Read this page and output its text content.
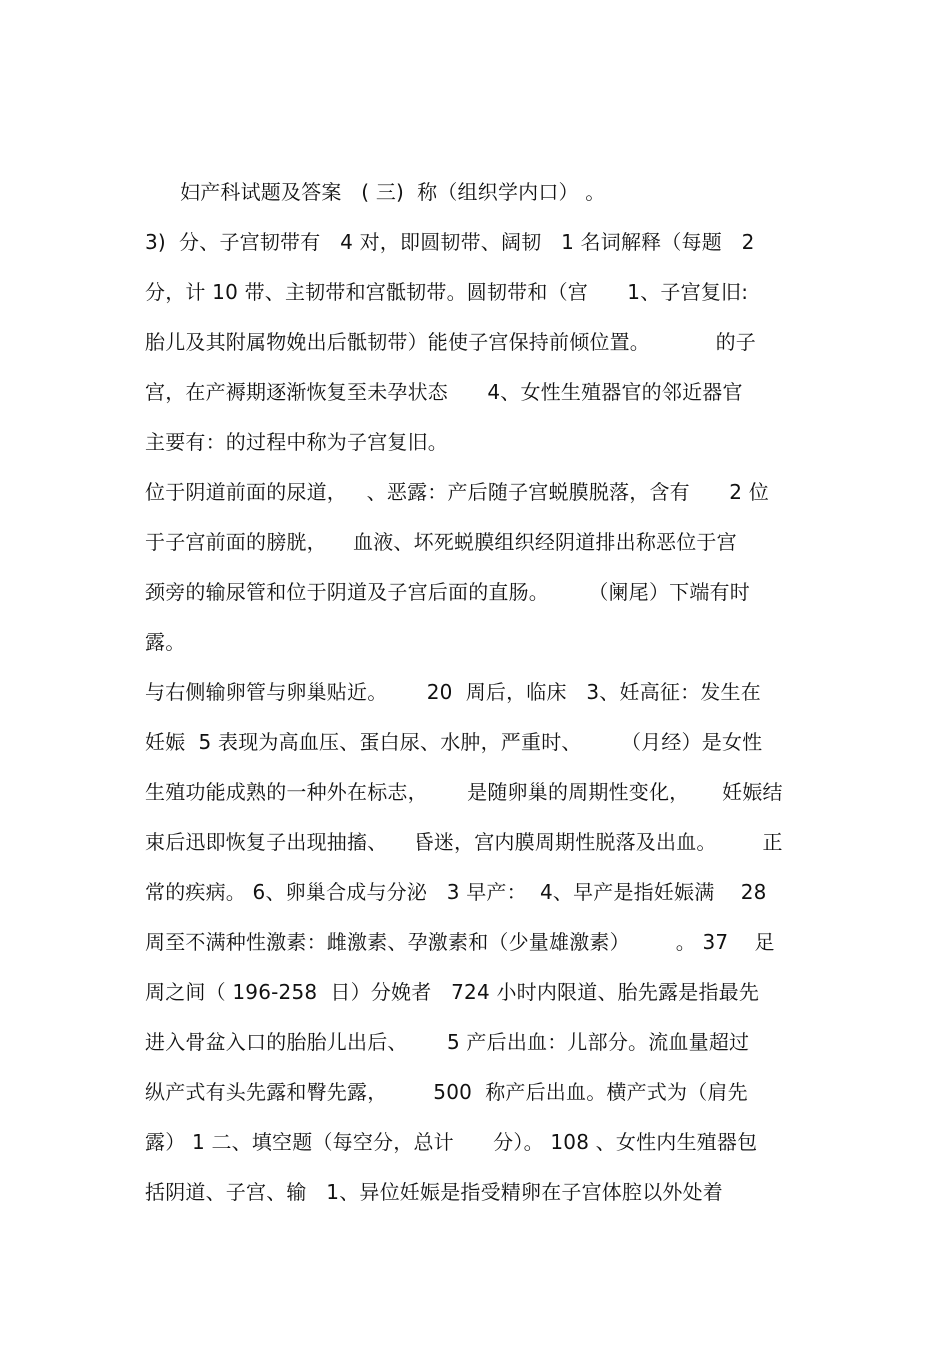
妇产科试题及答案   ( 三)  称（组织学内口） 。
3)  分、子宫韧带有   4 对，即圆韧带、阔韧   1 名词解释（每题   2
分，计 10 带、主韧带和宫骶韧带。圆韧带和（宫      1、子宫复旧:
胎儿及其附属物娩出后骶韧带）能使子宫保持前倾位置。          的子
宫，在产褥期逐渐恢复至未孕状态      4、女性生殖器官的邻近器官
主要有：的过程中称为子宫复旧。
位于阴道前面的尿道，   、恶露：产后随子宫蜕膜脱落，含有      2 位
于子宫前面的膀胱，    血液、坏死蜕膜组织经阴道排出称恶位于宫
颈旁的输尿管和位于阴道及子宫后面的直肠。      （阑尾）下端有时
露。
与右侧输卵管与卵巢贴近。      20  周后，临床   3、妊高征：发生在
妊娠  5 表现为高血压、蛋白尿、水肿，严重时、      （月经）是女性
生殖功能成熟的一种外在标志，      是随卵巢的周期性变化，     妊娠结
束后迅即恢复子出现抽搐、    昏迷，宫内膜周期性脱落及出血。       正
常的疾病。 6、卵巢合成与分泌   3 早产：  4、早产是指妊娠满    28
周至不满种性激素：雌激素、孕激素和（少量雄激素）       。 37    足
周之间（ 196-258  日）分娩者   724 小时内限道、胎先露是指最先
进入骨盆入口的胎胎儿出后、      5 产后出血：儿部分。流血量超过
纵产式有头先露和臀先露，       500  称产后出血。横产式为（肩先
露） 1 二、填空题（每空分，总计      分）。 108 、女性内生殖器包
括阴道、子宫、输   1、异位妊娠是指受精卵在子宫体腔以外处着
